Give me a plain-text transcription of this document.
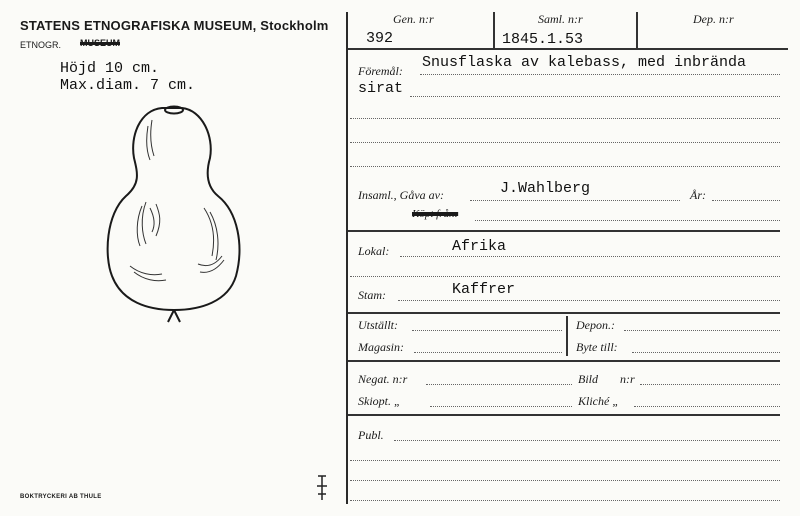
STATENS ETNOGRAFISKA MUSEUM, Stockholm
ETNOGR. MUSEUM
Höjd 10 cm.
Max.diam. 7 cm.
BOKTRYCKERI AB THULE
Gen. n:r	Saml. n:r	Dep. n:r
392	1845.1.53
Föremål: Snusflaska av kalebass, med inbrända
sirat
Insaml., Gåva av:	J.Wahlberg	År:
Köpt från:
Lokal:	Afrika
Stam:	Kaffrer
Utställt:	Depon.:
Magasin:	Byte till:
Negat. n:r	Bild n:r
Skiopt. „	Kliché „
Publ.
